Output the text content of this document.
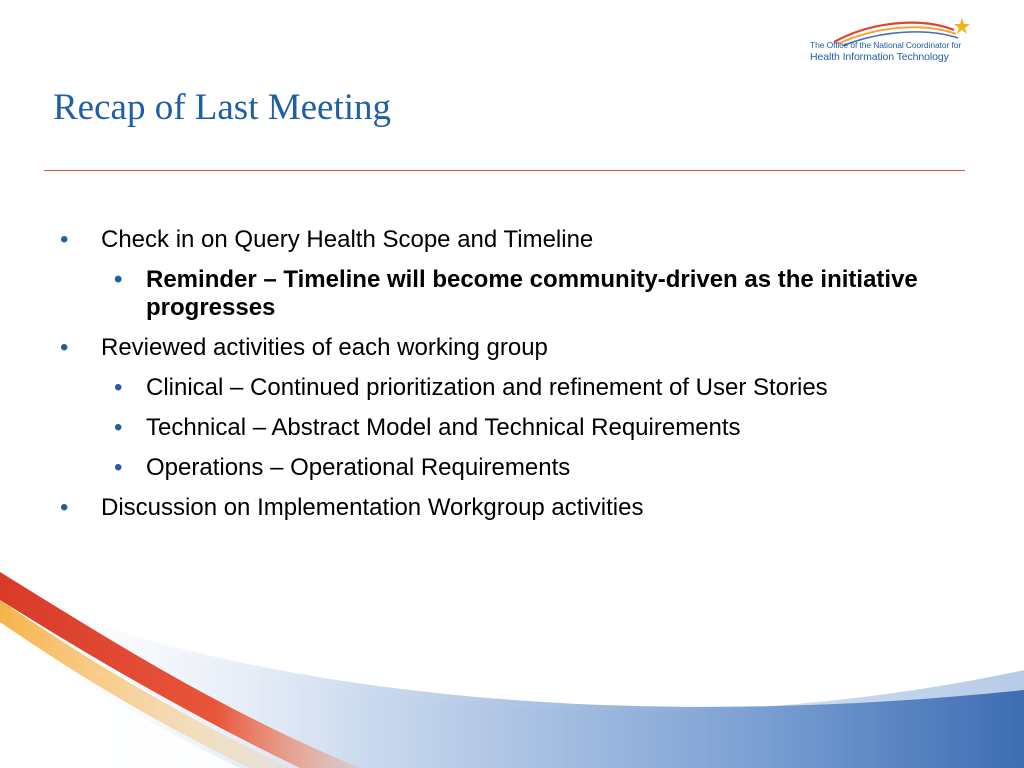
The Office of the National Coordinator for
Health Information Technology
Recap of Last Meeting
• Check in on Query Health Scope and Timeline
• Reminder – Timeline will become community-driven as the initiative progresses
• Reviewed activities of each working group
• Clinical – Continued prioritization and refinement of User Stories
• Technical – Abstract Model and Technical Requirements
• Operations – Operational Requirements
• Discussion on Implementation Workgroup activities
